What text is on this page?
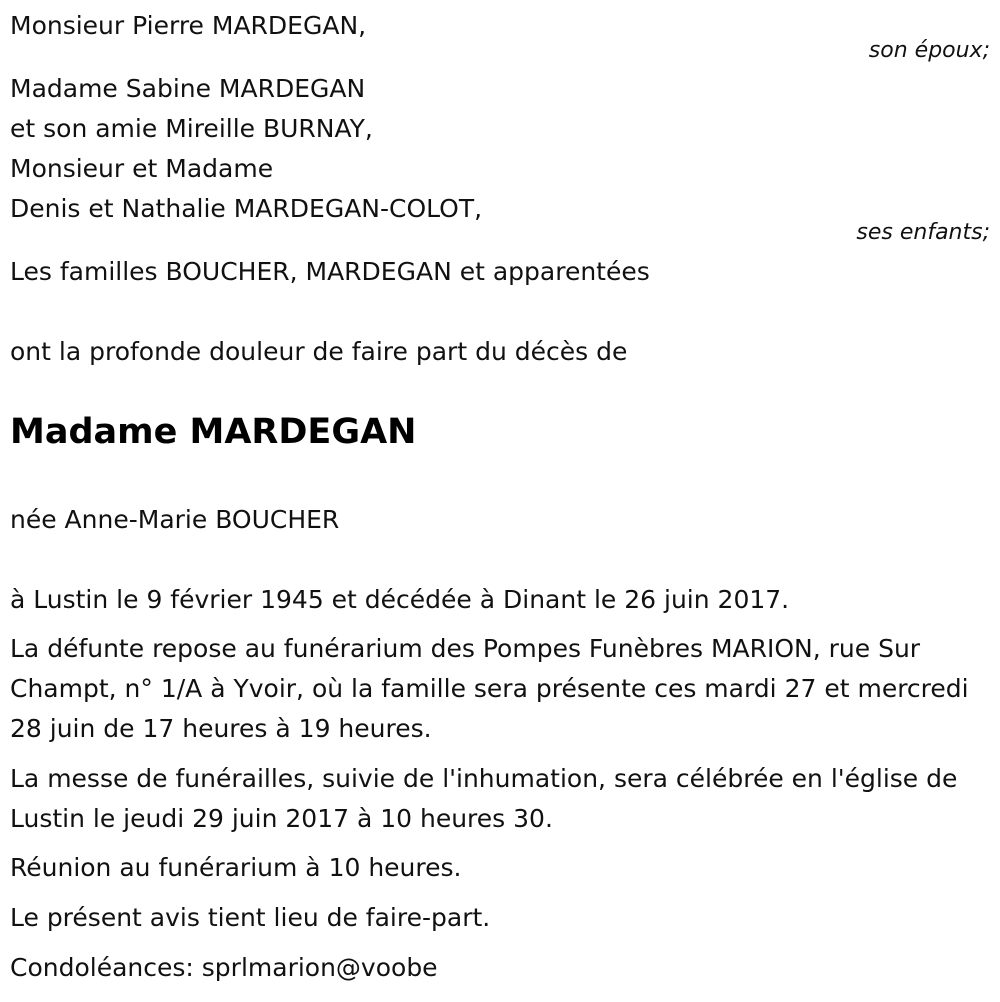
Monsieur Pierre MARDEGAN,
son époux;
Madame Sabine MARDEGAN
et son amie Mireille BURNAY,
Monsieur et Madame
Denis et Nathalie MARDEGAN-COLOT,
ses enfants;
Les familles BOUCHER, MARDEGAN et apparentées
ont la profonde douleur de faire part du décès de
Madame MARDEGAN
née Anne-Marie BOUCHER
à Lustin le 9 février 1945 et décédée à Dinant le 26 juin 2017.
La défunte repose au funérarium des Pompes Funèbres MARION, rue Sur Champt, n° 1/A à Yvoir, où la famille sera présente ces mardi 27 et mercredi 28 juin de 17 heures à 19 heures.
La messe de funérailles, suivie de l'inhumation, sera célébrée en l'église de Lustin le jeudi 29 juin 2017 à 10 heures 30.
Réunion au funérarium à 10 heures.
Le présent avis tient lieu de faire-part.
Condoléances: sprlmarion@voobe
